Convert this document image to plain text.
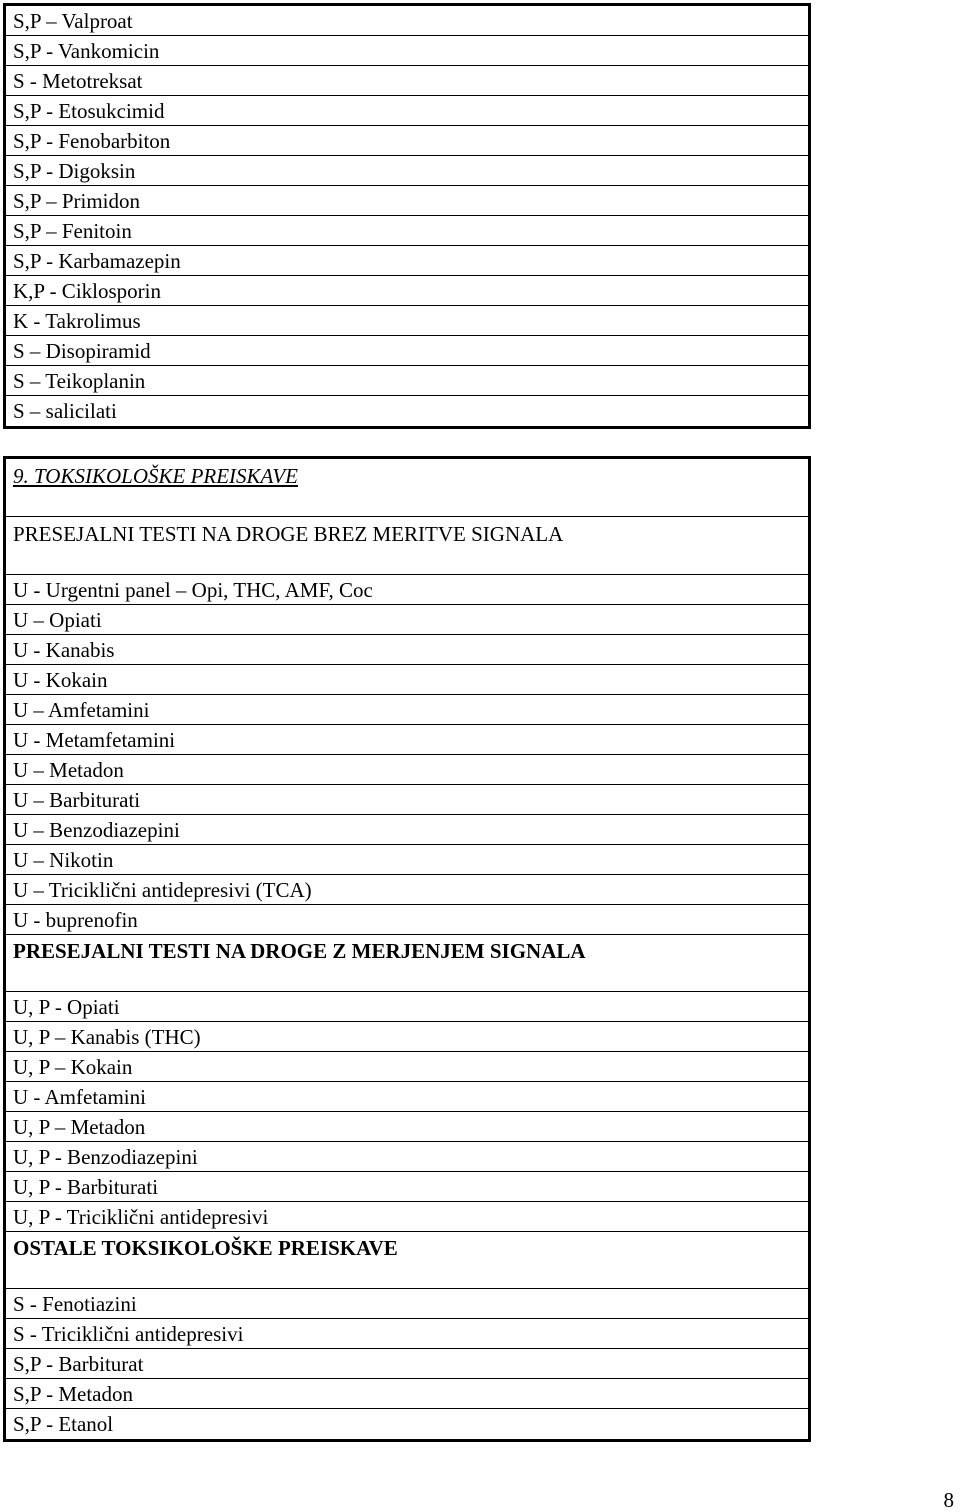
S,P – Valproat
S,P - Vankomicin
S - Metotreksat
S,P - Etosukcimid
S,P - Fenobarbiton
S,P - Digoksin
S,P – Primidon
S,P – Fenitoin
S,P - Karbamazepin
K,P - Ciklosporin
K - Takrolimus
S – Disopiramid
S – Teikoplanin
S – salicilati
9. TOKSIKOLOŠKE PREISKAVE
PRESEJALNI TESTI NA DROGE BREZ MERITVE SIGNALA
U - Urgentni panel – Opi, THC, AMF, Coc
U – Opiati
U - Kanabis
U - Kokain
U – Amfetamini
U - Metamfetamini
U – Metadon
U – Barbiturati
U – Benzodiazepini
U – Nikotin
U – Triciklični antidepresivi (TCA)
U - buprenofin
PRESEJALNI TESTI NA DROGE Z MERJENJEM SIGNALA
U, P - Opiati
U, P – Kanabis (THC)
U, P – Kokain
U - Amfetamini
U, P – Metadon
U, P - Benzodiazepini
U, P - Barbiturati
U, P - Triciklični antidepresivi
OSTALE TOKSIKOLOŠKE PREISKAVE
S - Fenotiazini
S - Triciklični antidepresivi
S,P - Barbiturat
S,P - Metadon
S,P - Etanol
8
